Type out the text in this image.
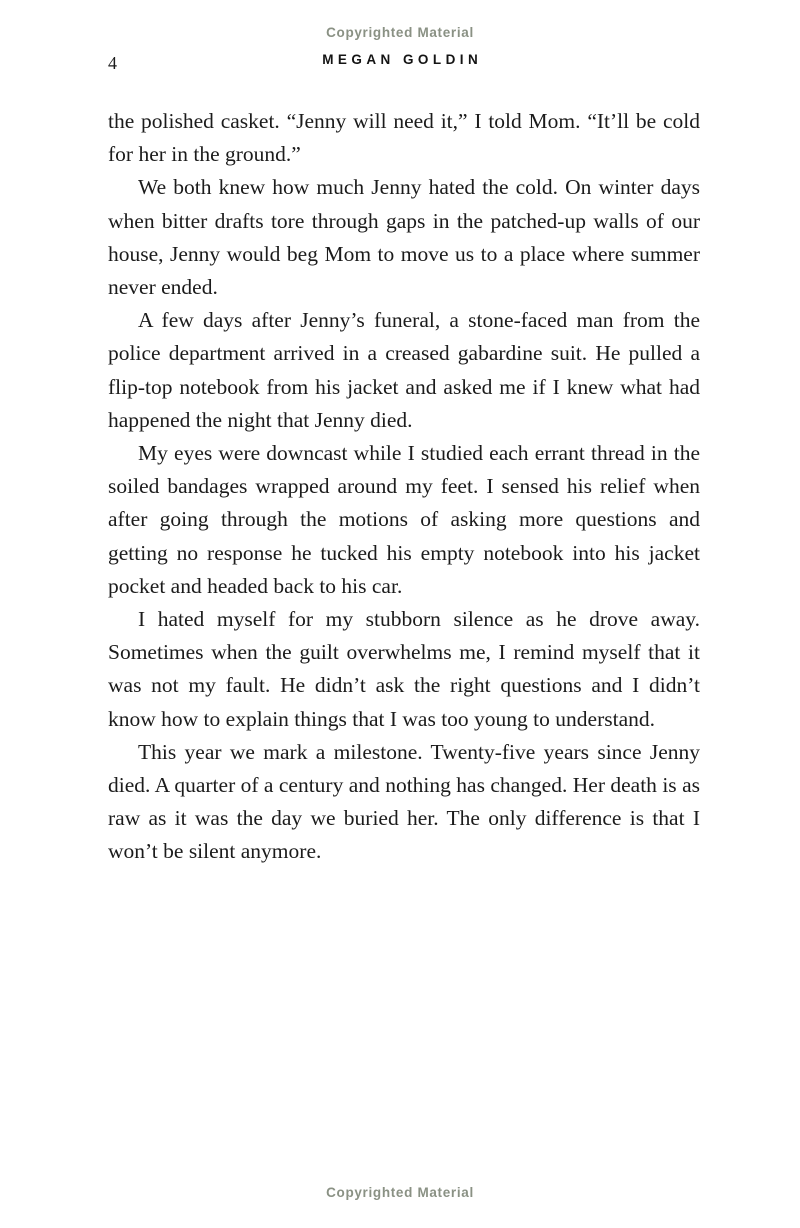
Copyrighted Material
4	MEGAN GOLDIN

the polished casket. “Jenny will need it,” I told Mom. “It’ll be cold for her in the ground.”

We both knew how much Jenny hated the cold. On winter days when bitter drafts tore through gaps in the patched-up walls of our house, Jenny would beg Mom to move us to a place where summer never ended.

A few days after Jenny’s funeral, a stone-faced man from the police department arrived in a creased gabardine suit. He pulled a flip-top notebook from his jacket and asked me if I knew what had happened the night that Jenny died.

My eyes were downcast while I studied each errant thread in the soiled bandages wrapped around my feet. I sensed his relief when after going through the motions of asking more questions and getting no response he tucked his empty notebook into his jacket pocket and headed back to his car.

I hated myself for my stubborn silence as he drove away. Sometimes when the guilt overwhelms me, I remind myself that it was not my fault. He didn’t ask the right questions and I didn’t know how to explain things that I was too young to understand.

This year we mark a milestone. Twenty-five years since Jenny died. A quarter of a century and nothing has changed. Her death is as raw as it was the day we buried her. The only difference is that I won’t be silent anymore.

Copyrighted Material
